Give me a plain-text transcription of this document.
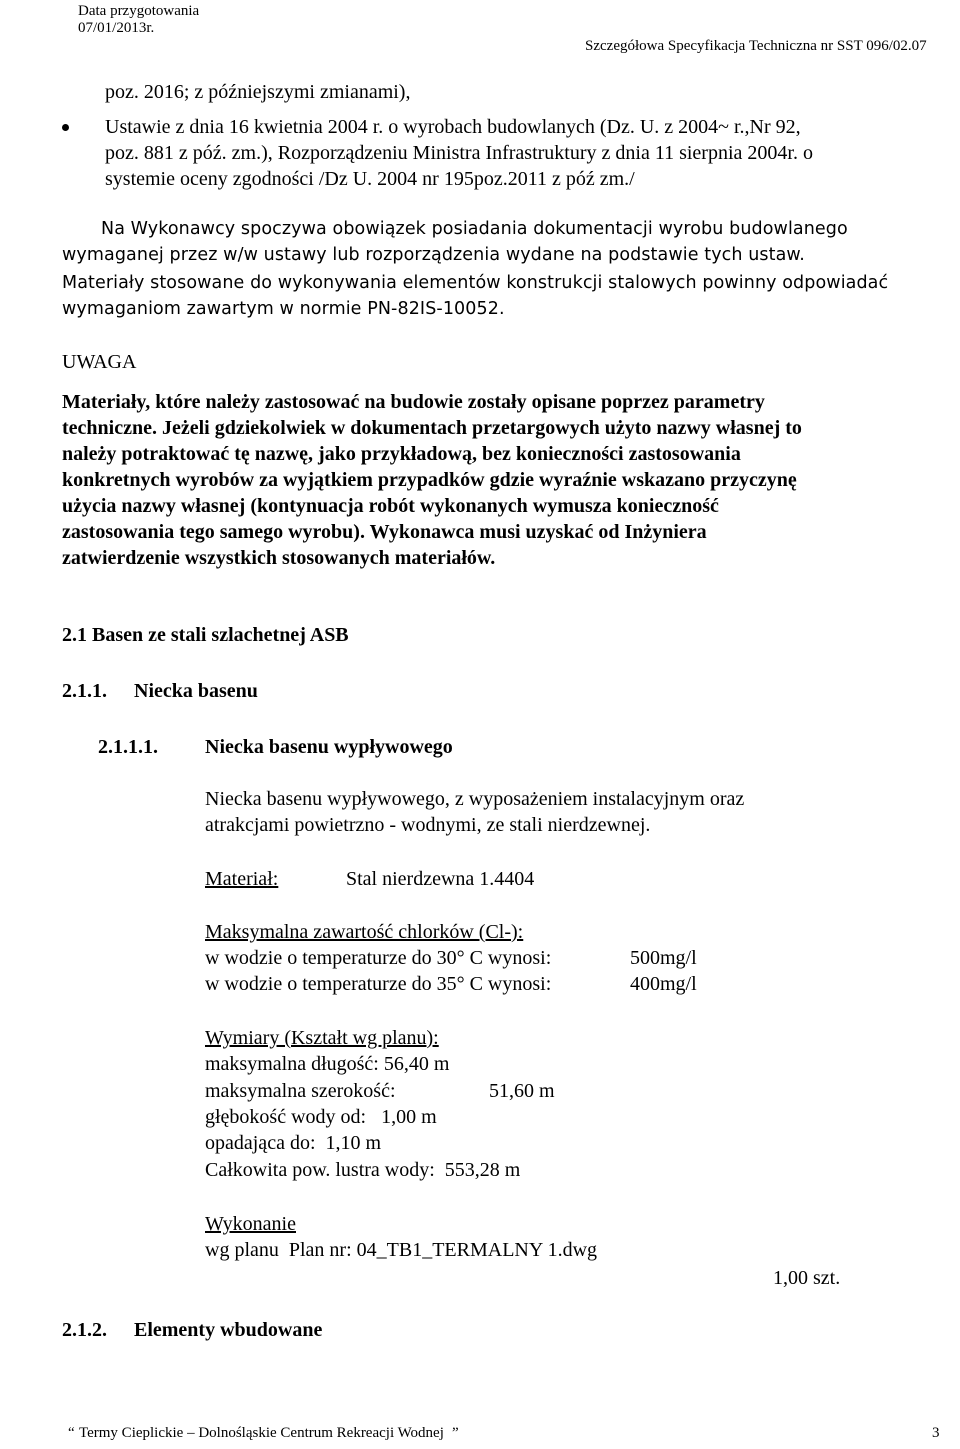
Data przygotowania
07/01/2013r.
Szczegółowa Specyfikacja Techniczna nr SST 096/02.07
poz. 2016; z późniejszymi zmianami),
Ustawie z dnia 16 kwietnia 2004 r. o wyrobach budowlanych (Dz. U. z 2004~ r.,Nr 92,
poz. 881 z póź. zm.), Rozporządzeniu Ministra Infrastruktury z dnia 11 sierpnia 2004r. o
systemie oceny zgodności /Dz U. 2004 nr 195poz.2011 z póź zm./
Na Wykonawcy spoczywa obowiązek posiadania dokumentacji wyrobu budowlanego
wymaganej przez w/w ustawy lub rozporządzenia wydane na podstawie tych ustaw.
Materiały stosowane do wykonywania elementów konstrukcji stalowych powinny odpowiadać
wymaganiom zawartym w normie PN-82IS-10052.
UWAGA
Materiały, które należy zastosować na budowie zostały opisane poprzez parametry
techniczne. Jeżeli gdziekolwiek w dokumentach przetargowych użyto nazwy własnej to
należy potraktować tę nazwę, jako przykładową, bez konieczności zastosowania
konkretnych wyrobów za wyjątkiem przypadków gdzie wyraźnie wskazano przyczynę
użycia nazwy własnej (kontynuacja robót wykonanych wymusza konieczność
zastosowania tego samego wyrobu). Wykonawca musi uzyskać od Inżyniera
zatwierdzenie wszystkich stosowanych materiałów.
2.1 Basen ze stali szlachetnej ASB
2.1.1. Niecka basenu
2.1.1.1. Niecka basenu wypływowego
Niecka basenu wypływowego, z wyposażeniem instalacyjnym oraz
atrakcjami powietrzno - wodnymi, ze stali nierdzewnej.
Materiał:	Stal nierdzewna 1.4404
Maksymalna zawartość chlorków (Cl-):
w wodzie o temperaturze do 30° C wynosi:	500mg/l
w wodzie o temperaturze do 35° C wynosi:	400mg/l
Wymiary (Kształt wg planu):
maksymalna długość: 56,40 m
maksymalna szerokość:	51,60 m
głębokość wody od:   1,00 m
opadająca do:  1,10 m
Całkowita pow. lustra wody:  553,28 m
Wykonanie
wg planu  Plan nr: 04_TB1_TERMALNY 1.dwg
1,00 szt.
2.1.2. Elementy wbudowane
“ Termy Cieplickie – Dolnośląskie Centrum Rekreacji Wodnej ”	3
